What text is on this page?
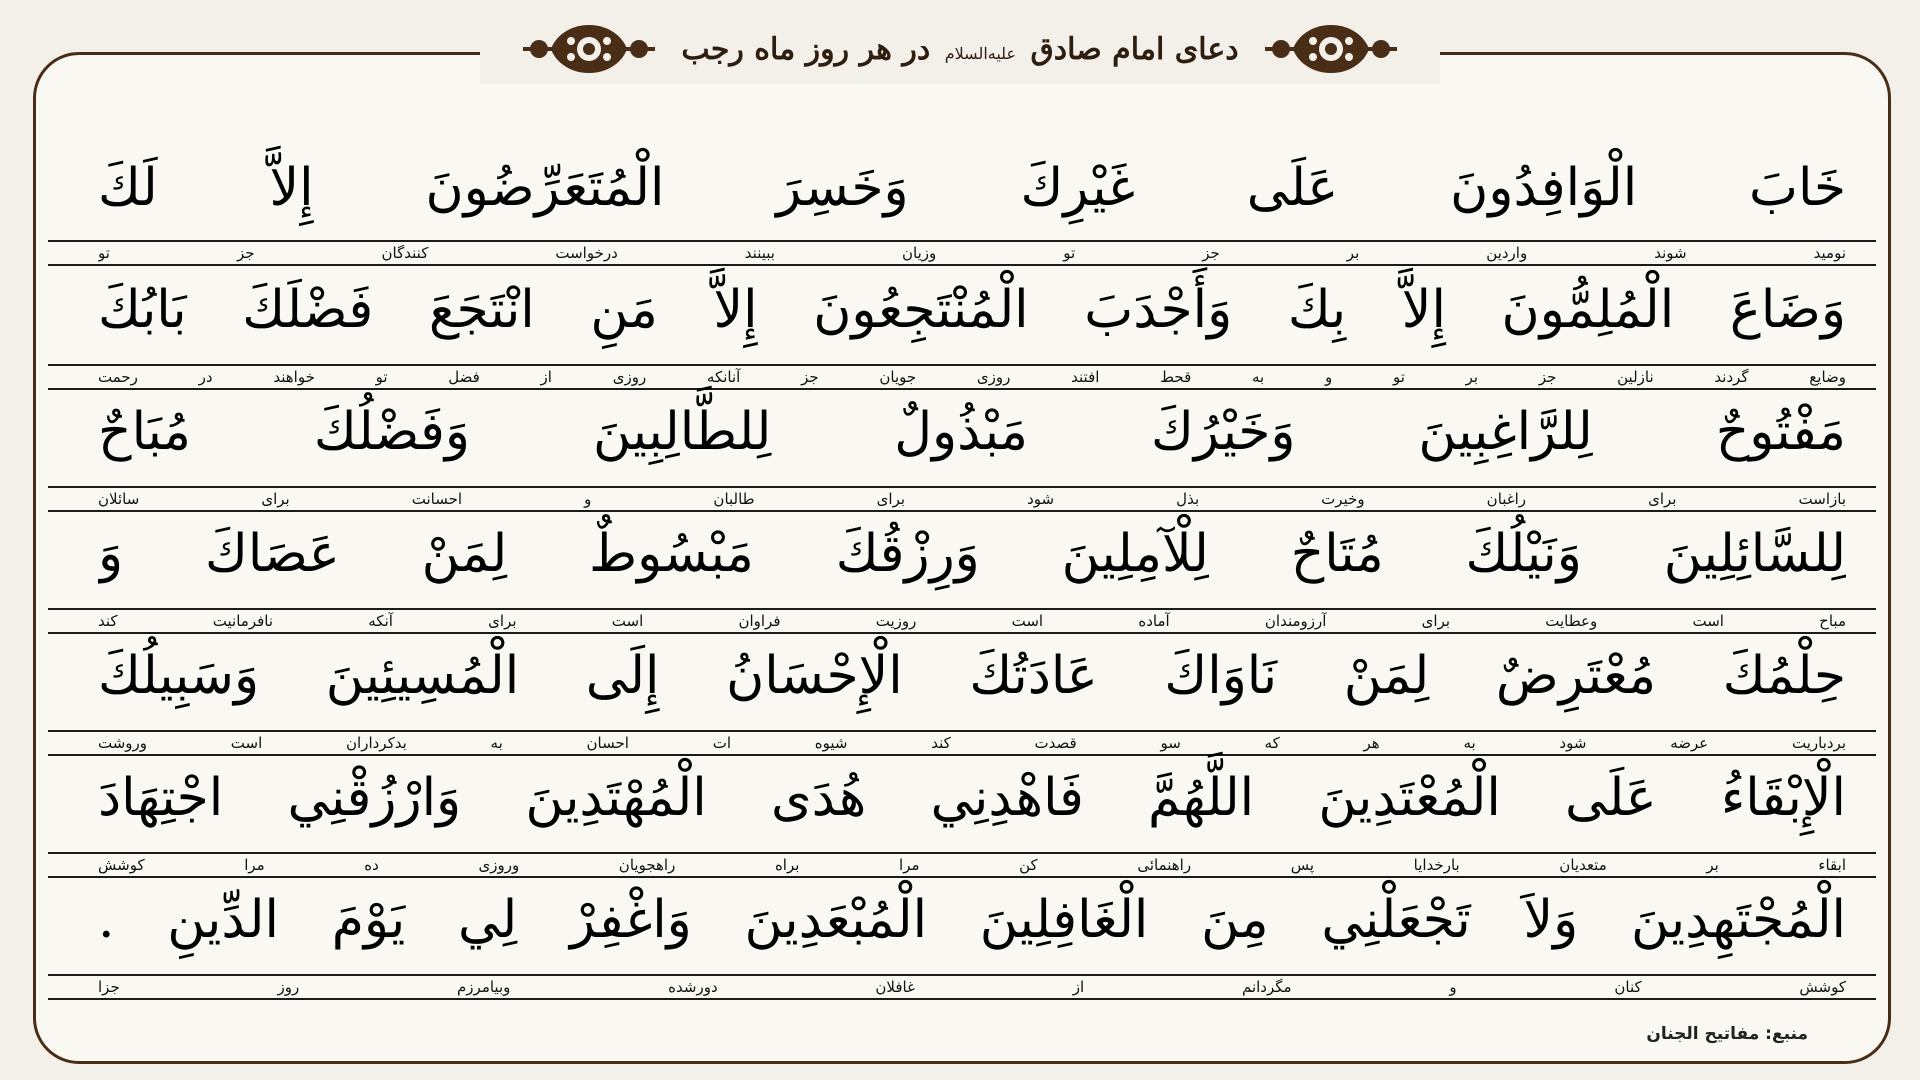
دعای امام صادق علیه‌السلام در هر روز ماه رجب
خَابَ الْوَافِدُونَ عَلَى غَيْرِكَ وَخَسِرَ الْمُتَعَرِّضُونَ إِلاَّ لَكَ
نومید شوند واردین بر جز تو وزیان ببینند درخواست کنندگان جز تو
وَضَاعَ الْمُلِمُّونَ إِلاَّ بِكَ وَأَجْدَبَ الْمُنْتَجِعُونَ إِلاَّ مَنِ انْتَجَعَ فَضْلَكَ بَابُكَ
وضایع گردند نازلین جز بر تو و به قحط افتند روزی جویان جز آنانکه روزی از فضل تو خواهند در رحمت
مَفْتُوحٌ لِلرَّاغِبِينَ وَخَيْرُكَ مَبْذُولٌ لِلطَّالِبِينَ وَفَضْلُكَ مُبَاحٌ
بازاست برای راغبان وخیرت بذل شود برای طالبان و احسانت برای سائلان
لِلسَّائِلِينَ وَنَيْلُكَ مُتَاحٌ لِلْآمِلِينَ وَرِزْقُكَ مَبْسُوطٌ لِمَنْ عَصَاكَ وَ
مباح است وعطایت برای آرزومندان آماده است روزیت فراوان است برای آنکه نافرمانیت کند
حِلْمُكَ مُعْتَرِضٌ لِمَنْ نَاوَاكَ عَادَتُكَ الْإِحْسَانُ إِلَى الْمُسِيئِينَ وَسَبِيلُكَ
بردباریت عرضه شود به هر که سو قصدت کند شیوه ات احسان به بدکرداران است وروشت
الْإِبْقَاءُ عَلَى الْمُعْتَدِينَ اللَّهُمَّ فَاهْدِنِي هُدَى الْمُهْتَدِينَ وَارْزُقْنِي اجْتِهَادَ
ابقاء بر متعدیان بارخدایا پس راهنمائی کن مرا براه راهجویان وروزی ده مرا کوشش
الْمُجْتَهِدِينَ وَلاَ تَجْعَلْنِي مِنَ الْغَافِلِينَ الْمُبْعَدِينَ وَاغْفِرْ لِي يَوْمَ الدِّينِ .
کوشش کنان و مگردانم از غافلان دورشده وبیامرزم روز جزا
منبع: مفاتیح الجنان
